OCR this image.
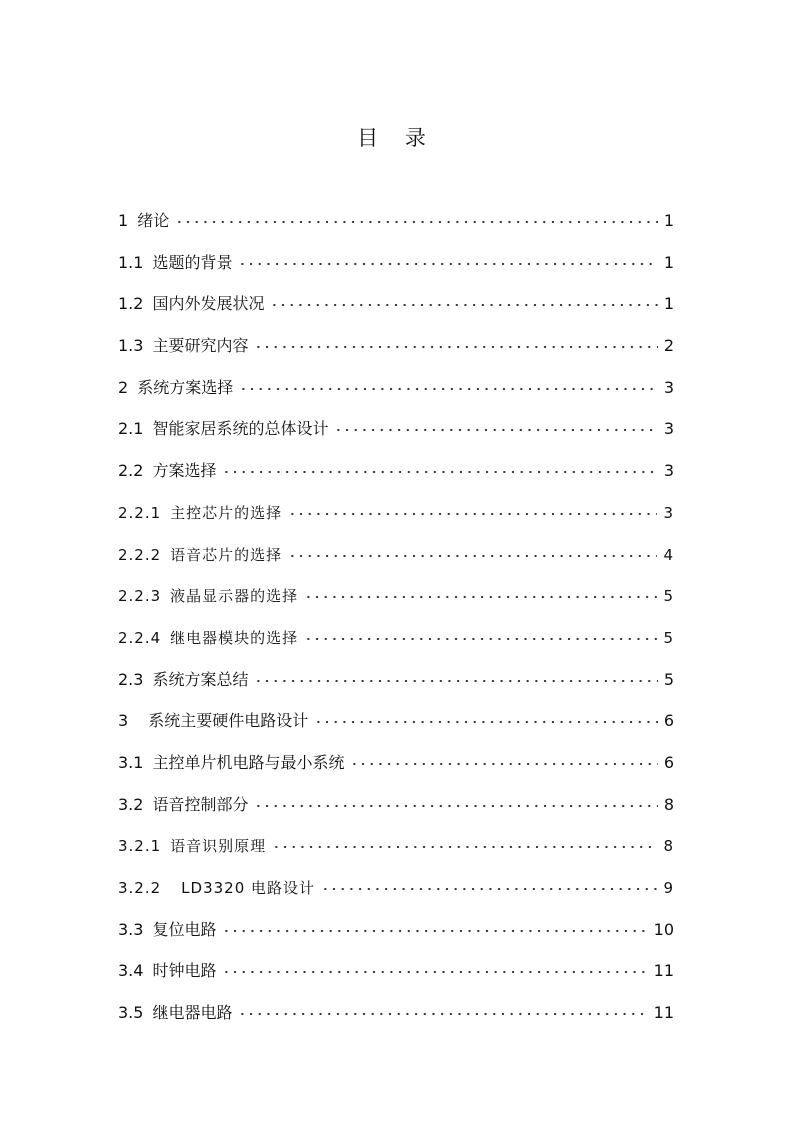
目 录
1 绪论	1
1.1 选题的背景	1
1.2 国内外发展状况	1
1.3 主要研究内容	2
2 系统方案选择	3
2.1 智能家居系统的总体设计	3
2.2 方案选择	3
2.2.1 主控芯片的选择	3
2.2.2 语音芯片的选择	4
2.2.3 液晶显示器的选择	5
2.2.4 继电器模块的选择	5
2.3 系统方案总结	5
3 系统主要硬件电路设计	6
3.1 主控单片机电路与最小系统	6
3.2 语音控制部分	8
3.2.1 语音识别原理	8
3.2.2 LD3320 电路设计	9
3.3 复位电路	10
3.4 时钟电路	11
3.5 继电器电路	11
